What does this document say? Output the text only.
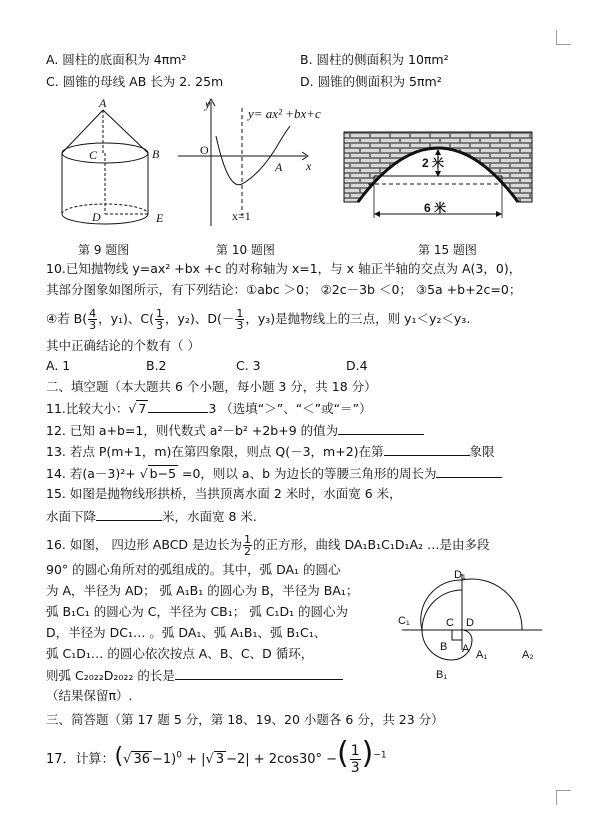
A. 圆柱的底面积为 4πm²	B. 圆柱的侧面积为 10πm²
C. 圆锥的母线 AB 长为 2. 25m	D. 圆锥的侧面积为 5πm²
A
B
C
D	E
y
x
O
A
x=1
y= ax² +bx+c
2 米
6 米
第 9 题图	第 10 题图	第 15 题图
10.已知抛物线 y=ax² +bx +c 的对称轴为 x=1，与 x 轴正半轴的交点为 A(3，0)，
其部分图象如图所示，有下列结论：①abc ＞0； ②2c－3b ＜0； ③5a +b+2c=0；
④若 $B( \frac{4}{3}$ ，y₁)、$C( \frac{1}{3}$ ，y₂)、$D(- \frac{1}{3}$ ，y₃)是抛物线上的三点，则 y₁＜y₂＜y₃.
其中正确结论的个数有（ ）
A. 1	B.2	C. 3	D.4
二、填空题（本大题共 6 个小题，每小题 3 分，共 18 分）
11.比较大小：√ 7	3 （选填“＞”、“＜”或“＝”）
12. 已知 a+b=1，则代数式 a²－b² +2b+9 的值为
13. 若点 P(m+1，m)在第四象限，则点 Q(－3，m+2)在第	象限
14. 若(a－3)²+ √ b−5 =0，则以 a、b 为边长的等腰三角形的周长为
15. 如图是抛物线形拱桥，当拱顶离水面 2 米时，水面宽 6 米，
水面下降	米，水面宽 8 米.
16. 如图， 四边形 ABCD 是边长为 $\frac{1}{2}$ 的正方形，曲线 DA₁B₁C₁D₁A₂ …是由多段
90° 的圆心角所对的弧组成的。其中，弧 DA₁ 的圆心
为 A，半径为 AD； 弧 A₁B₁ 的圆心为 B，半径为 BA₁；
弧 B₁C₁ 的圆心为 C，半径为 CB₁； 弧 C₁D₁ 的圆心为
D，半径为 DC₁… 。弧 DA₁、弧 A₁B₁、弧 B₁C₁、
弧 C₁D₁… 的圆心依次按点 A、B、C、D 循环，
则弧 C₂₀₂₂D₂₀₂₂ 的长是
（结果保留π）.
D₁
C₁	C D
B A A₁	A₂
B₁
三、简答题（第 17 题 5 分，第 18、19、20 小题各 6 分，共 23 分）
17．计算：(√ 36 −1)$^0$ + |√ 3 −2| + 2cos30° −( $\frac{1}{3} )^{-1}$
